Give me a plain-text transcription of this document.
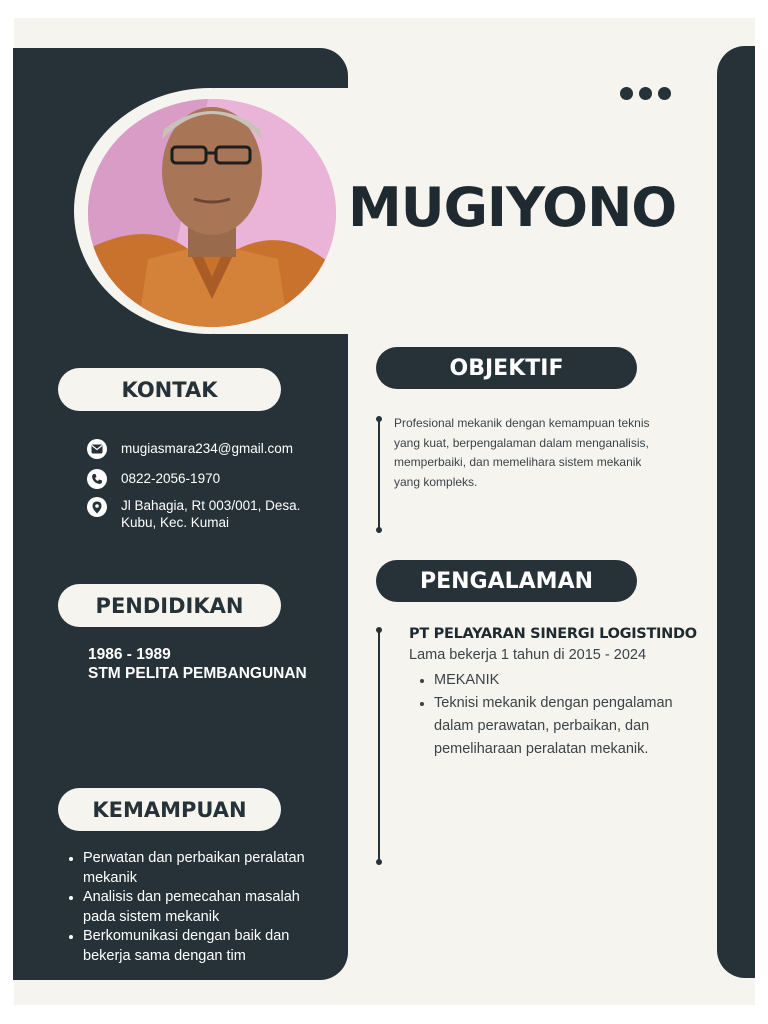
MUGIYONO
KONTAK
mugiasmara234@gmail.com
0822-2056-1970
Jl Bahagia, Rt 003/001, Desa.
Kubu, Kec. Kumai
PENDIDIKAN
1986 - 1989
STM PELITA PEMBANGUNAN
KEMAMPUAN
Perwatan dan perbaikan peralatan mekanik
Analisis dan pemecahan masalah pada sistem mekanik
Berkomunikasi dengan baik dan bekerja sama dengan tim
OBJEKTIF
Profesional mekanik dengan kemampuan teknis yang kuat, berpengalaman dalam menganalisis, memperbaiki, dan memelihara sistem mekanik yang kompleks.
PENGALAMAN
PT PELAYARAN SINERGI LOGISTINDO
Lama bekerja 1 tahun di 2015 - 2024
MEKANIK
Teknisi mekanik dengan pengalaman dalam perawatan, perbaikan, dan pemeliharaan peralatan mekanik.
